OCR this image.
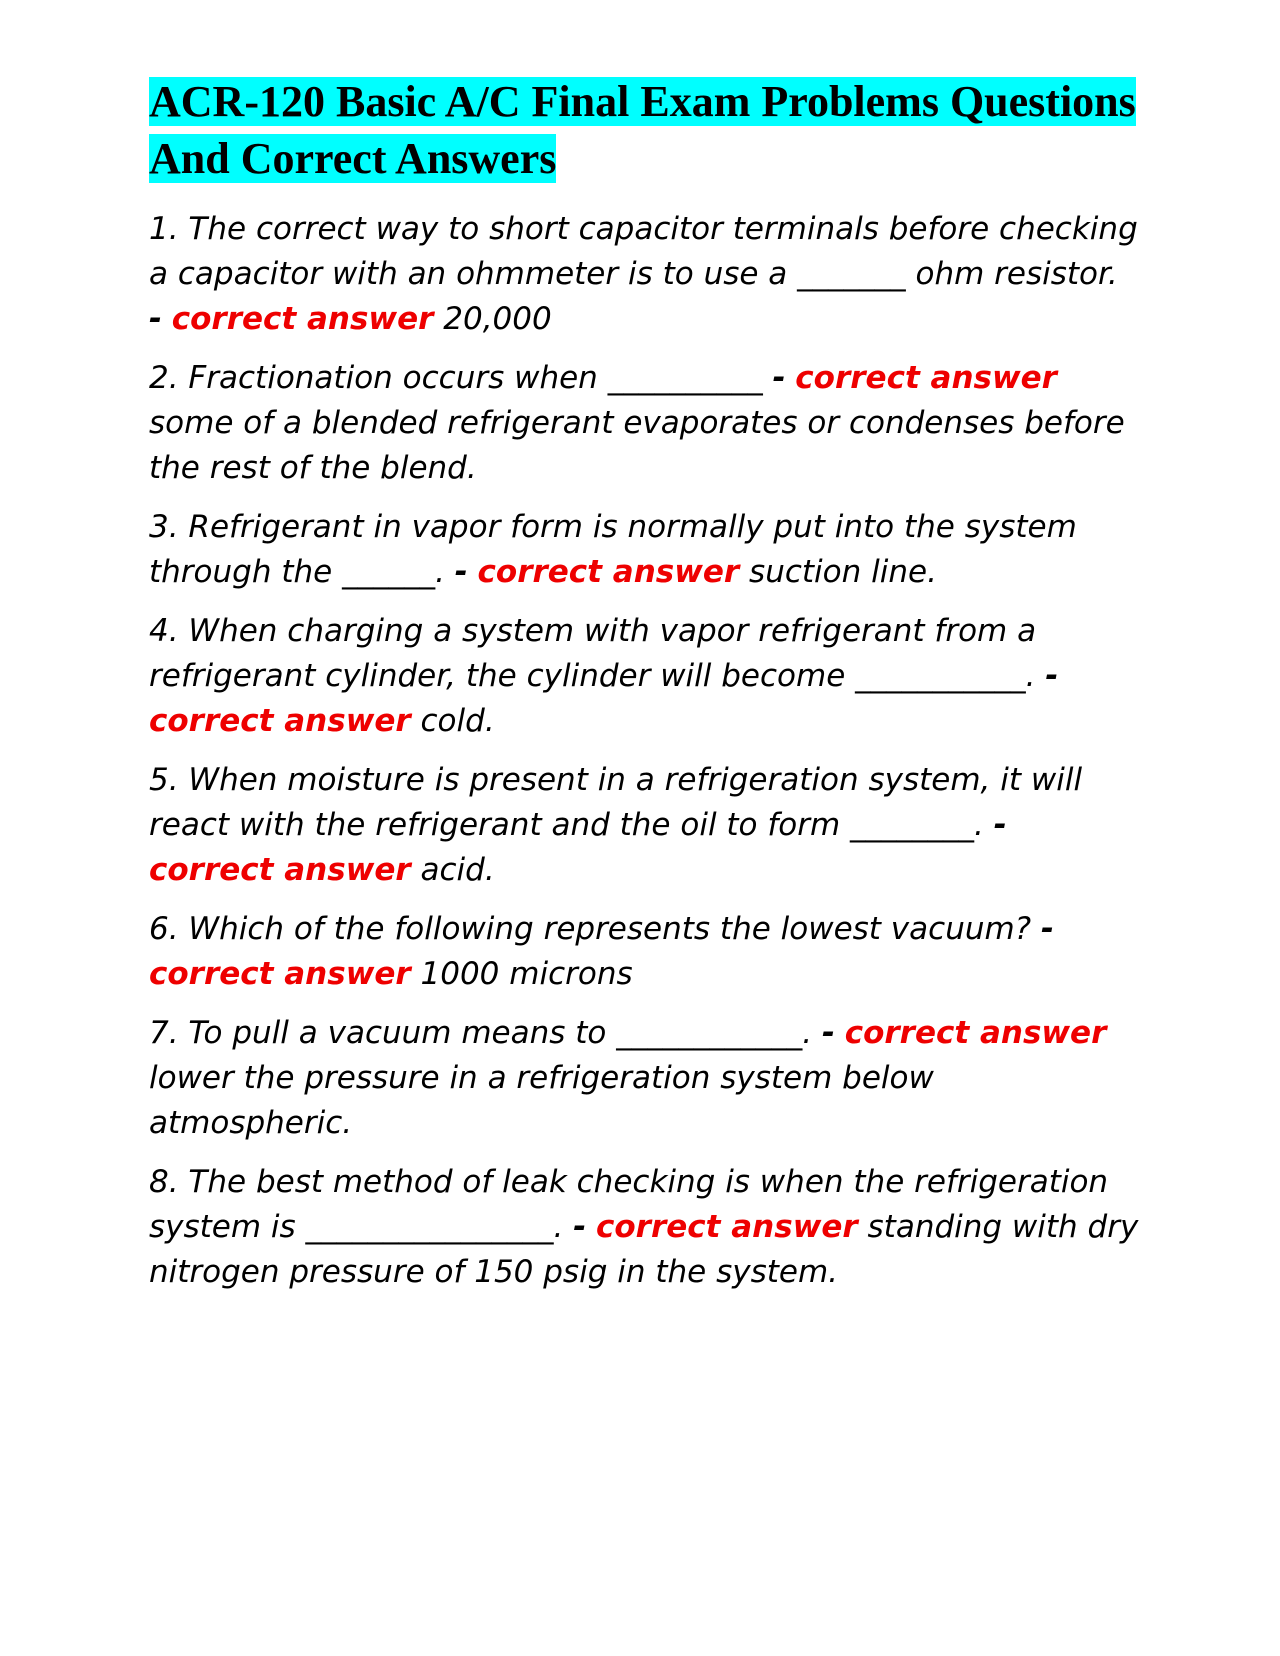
ACR-120 Basic A/C Final Exam Problems Questions And Correct Answers

1. The correct way to short capacitor terminals before checking a capacitor with an ohmmeter is to use a _______ ohm resistor. - correct answer 20,000

2. Fractionation occurs when __________ - correct answer some of a blended refrigerant evaporates or condenses before the rest of the blend.

3. Refrigerant in vapor form is normally put into the system through the ______. - correct answer suction line.

4. When charging a system with vapor refrigerant from a refrigerant cylinder, the cylinder will become ___________. - correct answer cold.

5. When moisture is present in a refrigeration system, it will react with the refrigerant and the oil to form ________. - correct answer acid.

6. Which of the following represents the lowest vacuum? - correct answer 1000 microns

7. To pull a vacuum means to ____________. - correct answer lower the pressure in a refrigeration system below atmospheric.

8. The best method of leak checking is when the refrigeration system is ________________. - correct answer standing with dry nitrogen pressure of 150 psig in the system.
